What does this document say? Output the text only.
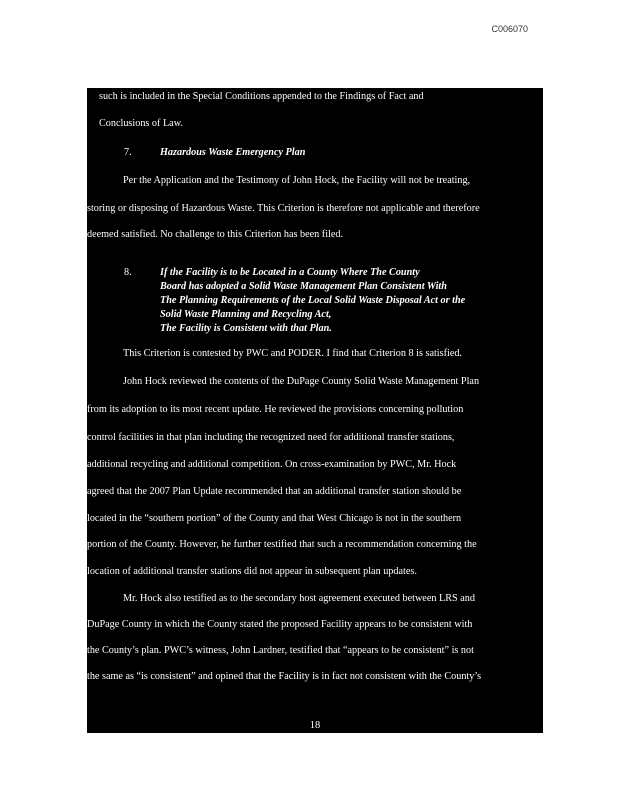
C006070
such is included in the Special Conditions appended to the Findings of Fact and
Conclusions of Law.
7.	Hazardous Waste Emergency Plan
Per the Application and the Testimony of John Hock, the Facility will not be treating,
storing or disposing of Hazardous Waste. This Criterion is therefore not applicable and therefore
deemed satisfied. No challenge to this Criterion has been filed.
8.	If the Facility is to be Located in a County Where The County
Board has adopted a Solid Waste Management Plan Consistent With
The Planning Requirements of the Local Solid Waste Disposal Act or the
Solid Waste Planning and Recycling Act,
The Facility is Consistent with that Plan.
This Criterion is contested by PWC and PODER. I find that Criterion 8 is satisfied.
John Hock reviewed the contents of the DuPage County Solid Waste Management Plan
from its adoption to its most recent update. He reviewed the provisions concerning pollution
control facilities in that plan including the recognized need for additional transfer stations,
additional recycling and additional competition. On cross-examination by PWC, Mr. Hock
agreed that the 2007 Plan Update recommended that an additional transfer station should be
located in the “southern portion” of the County and that West Chicago is not in the southern
portion of the County. However, he further testified that such a recommendation concerning the
location of additional transfer stations did not appear in subsequent plan updates.
Mr. Hock also testified as to the secondary host agreement executed between LRS and
DuPage County in which the County stated the proposed Facility appears to be consistent with
the County’s plan. PWC’s witness, John Lardner, testified that “appears to be consistent” is not
the same as “is consistent” and opined that the Facility is in fact not consistent with the County’s
18
